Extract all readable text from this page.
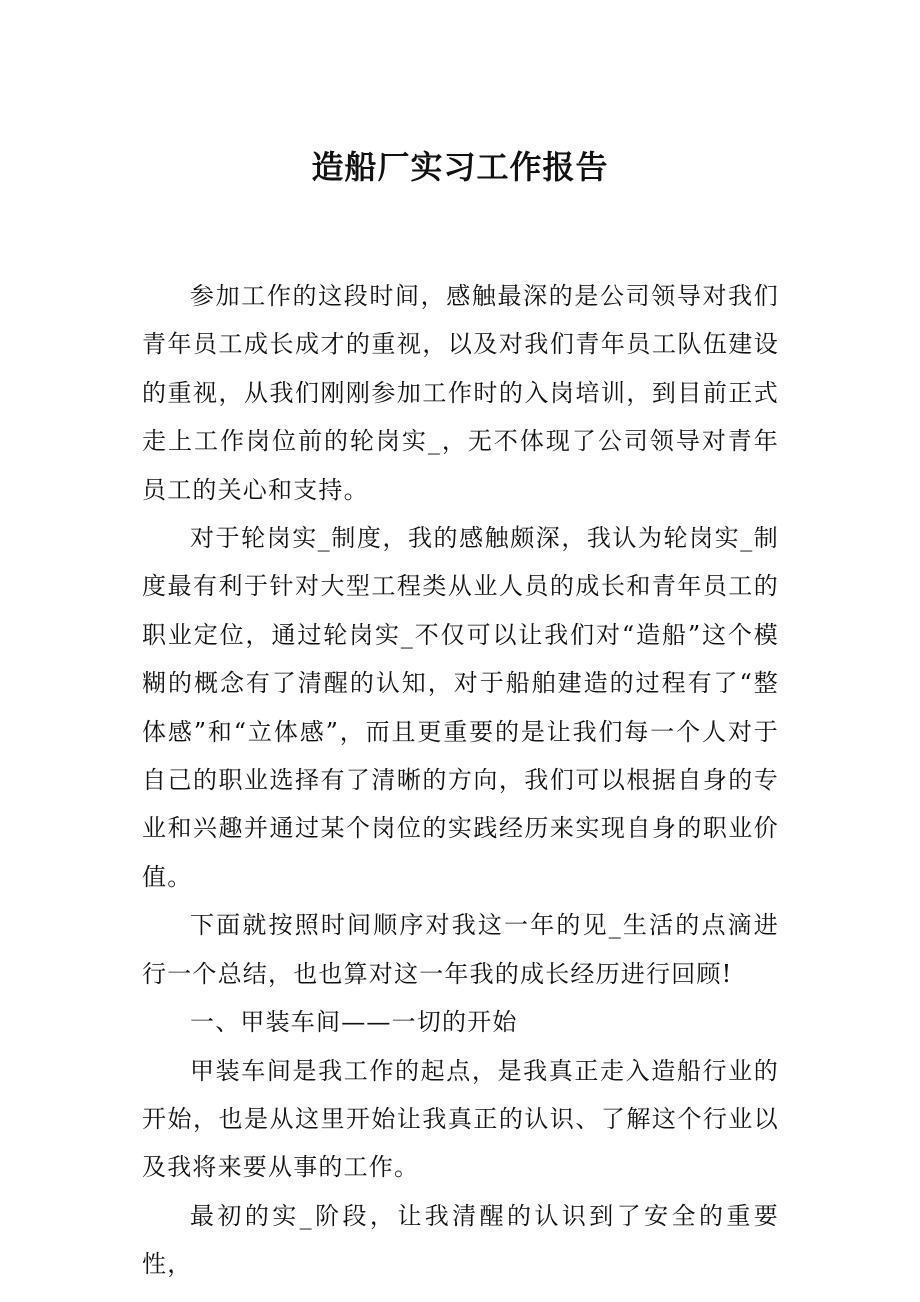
造船厂实习工作报告

参加工作的这段时间，感触最深的是公司领导对我们青年员工成长成才的重视，以及对我们青年员工队伍建设的重视，从我们刚刚参加工作时的入岗培训，到目前正式走上工作岗位前的轮岗实_，无不体现了公司领导对青年员工的关心和支持。

对于轮岗实_制度，我的感触颇深，我认为轮岗实_制度最有利于针对大型工程类从业人员的成长和青年员工的职业定位，通过轮岗实_不仅可以让我们对“造船”这个模糊的概念有了清醒的认知，对于船舶建造的过程有了“整体感”和“立体感”，而且更重要的是让我们每一个人对于自己的职业选择有了清晰的方向，我们可以根据自身的专业和兴趣并通过某个岗位的实践经历来实现自身的职业价值。

下面就按照时间顺序对我这一年的见_生活的点滴进行一个总结，也也算对这一年我的成长经历进行回顾!

一、甲装车间——一切的开始

甲装车间是我工作的起点，是我真正走入造船行业的开始，也是从这里开始让我真正的认识、了解这个行业以及我将来要从事的工作。

最初的实_阶段，让我清醒的认识到了安全的重要性，
